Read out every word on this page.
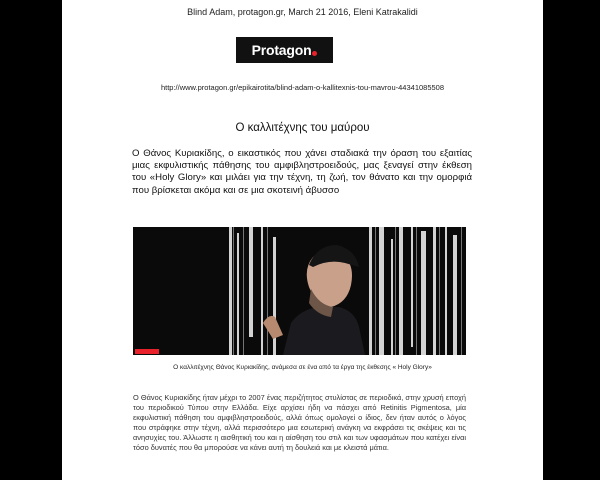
Blind Adam, protagon.gr, March 21 2016, Eleni Katrakalidi
Protagon
http://www.protagon.gr/epikairotita/blind-adam-o-kallitexnis-tou-mavrou-44341085508
Ο καλλιτέχνης του μαύρου
Ο Θάνος Κυριακίδης, ο εικαστικός που χάνει σταδιακά την όραση του εξαιτίας μιας εκφυλιστικής πάθησης του αμφιβληστροειδούς, μας ξεναγεί στην έκθεση του «Holy Glory» και μιλάει για την τέχνη, τη ζωή, τον θάνατο και την ομορφιά που βρίσκεται ακόμα και σε μια σκοτεινή άβυσσο
Ο καλλιτέχνης Θάνος Κυριακίδης, ανάμεσα σε ένα από τα έργα της έκθεσης « Holy Glory»
Ο Θάνος Κυριακίδης ήταν μέχρι το 2007 ένας περιζήτητος στυλίστας σε περιοδικά, στην χρυσή εποχή του περιοδικού Τύπου στην Ελλάδα. Είχε αρχίσει ήδη να πάσχει από Retinitis Pigmentosa, μία εκφυλιστική πάθηση του αμφιβληστροειδούς, αλλά όπως ομολογεί ο ίδιος, δεν ήταν αυτός ο λόγος που στράφηκε στην τέχνη, αλλά περισσότερο μια εσωτερική ανάγκη να εκφράσει τις σκέψεις και τις ανησυχίες του. Άλλωστε η αισθητική του και η αίσθηση του στιλ και των υφασμάτων που κατέχει είναι τόσο δυνατές που θα μπορούσε να κάνει αυτή τη δουλειά και με κλειστά μάτια.
